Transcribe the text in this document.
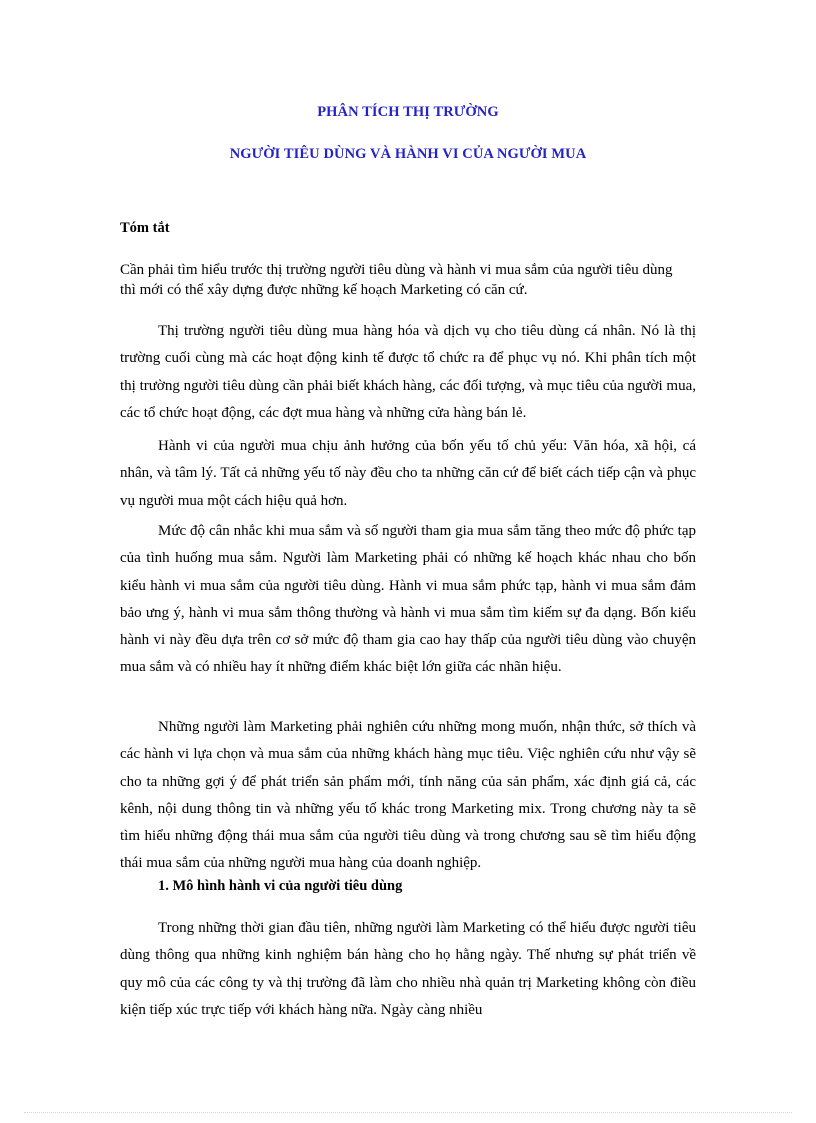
PHÂN TÍCH THỊ TRƯỜNG
NGƯỜI TIÊU DÙNG VÀ HÀNH VI CỦA NGƯỜI MUA
Tóm tắt
Cần phải tìm hiểu trước thị trường người tiêu dùng và hành vi mua sắm của người tiêu dùng thì mới có thể xây dựng được những kế hoạch Marketing có căn cứ.
Thị trường người tiêu dùng mua hàng hóa và dịch vụ cho tiêu dùng cá nhân. Nó là thị trường cuối cùng mà các hoạt động kinh tế được tổ chức ra để phục vụ nó. Khi phân tích một thị trường người tiêu dùng cần phải biết khách hàng, các đối tượng, và mục tiêu của người mua, các tổ chức hoạt động, các đợt mua hàng và những cửa hàng bán lẻ.
Hành vi của người mua chịu ảnh hưởng của bốn yếu tố chủ yếu: Văn hóa, xã hội, cá nhân, và tâm lý. Tất cả những yếu tố này đều cho ta những căn cứ để biết cách tiếp cận và phục vụ người mua một cách hiệu quả hơn.
Mức độ cân nhắc khi mua sắm và số người tham gia mua sắm tăng theo mức độ phức tạp của tình huống mua sắm. Người làm Marketing phải có những kế hoạch khác nhau cho bốn kiểu hành vi mua sắm của người tiêu dùng. Hành vi mua sắm phức tạp, hành vi mua sắm đảm bảo ưng ý, hành vi mua sắm thông thường và hành vi mua sắm tìm kiếm sự đa dạng. Bốn kiểu hành vi này đều dựa trên cơ sở mức độ tham gia cao hay thấp của người tiêu dùng vào chuyện mua sắm và có nhiều hay ít những điểm khác biệt lớn giữa các nhãn hiệu.
Những người làm Marketing phải nghiên cứu những mong muốn, nhận thức, sở thích và các hành vi lựa chọn và mua sắm của những khách hàng mục tiêu. Việc nghiên cứu như vậy sẽ cho ta những gợi ý để phát triển sản phẩm mới, tính năng của sản phẩm, xác định giá cả, các kênh, nội dung thông tin và những yếu tố khác trong Marketing mix. Trong chương này ta sẽ tìm hiểu những động thái mua sắm của người tiêu dùng và trong chương sau sẽ tìm hiểu động thái mua sắm của những người mua hàng của doanh nghiệp.
1. Mô hình hành vi của người tiêu dùng
Trong những thời gian đầu tiên, những người làm Marketing có thể hiểu được người tiêu dùng thông qua những kinh nghiệm bán hàng cho họ hằng ngày. Thế nhưng sự phát triển về quy mô của các công ty và thị trường đã làm cho nhiều nhà quản trị Marketing không còn điều kiện tiếp xúc trực tiếp với khách hàng nữa. Ngày càng nhiều
